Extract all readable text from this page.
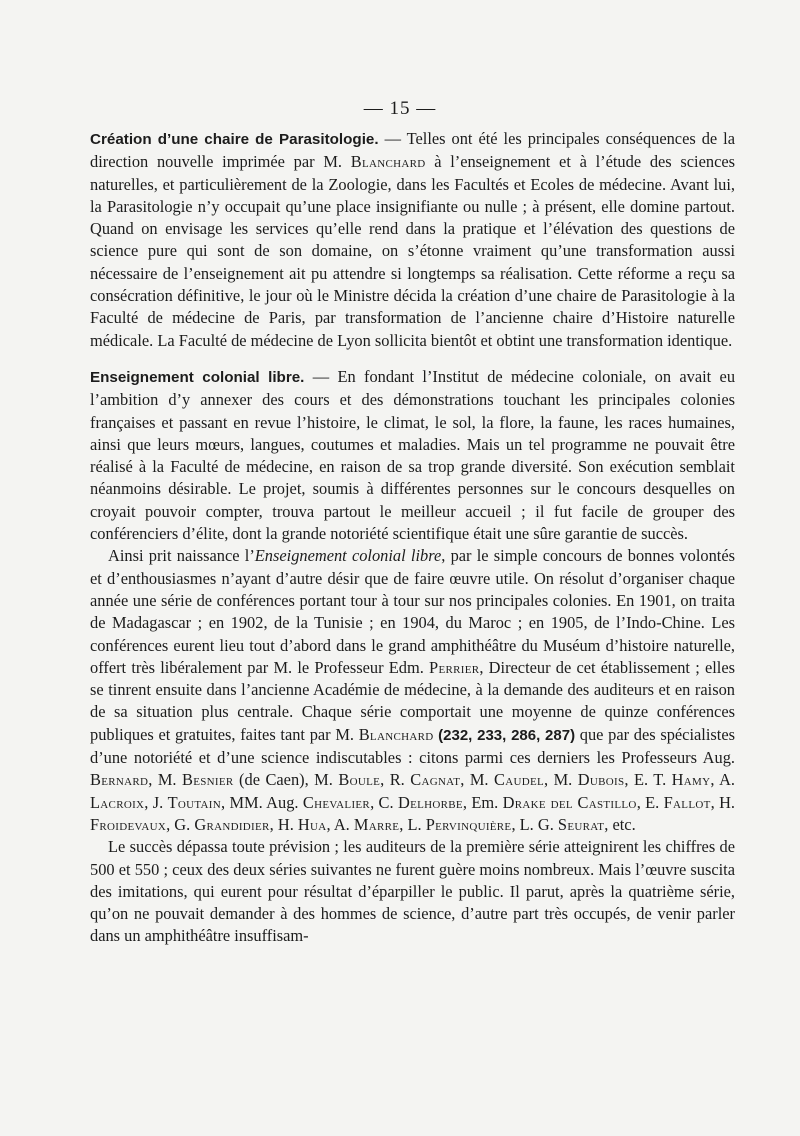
— 15 —

Création d’une chaire de Parasitologie. — Telles ont été les principales conséquences de la direction nouvelle imprimée par M. Blanchard à l’enseignement et à l’étude des sciences naturelles, et particulièrement de la Zoologie, dans les Facultés et Ecoles de médecine. Avant lui, la Parasitologie n’y occupait qu’une place insignifiante ou nulle ; à présent, elle domine partout. Quand on envisage les services qu’elle rend dans la pratique et l’élévation des questions de science pure qui sont de son domaine, on s’étonne vraiment qu’une transformation aussi nécessaire de l’enseignement ait pu attendre si longtemps sa réalisation. Cette réforme a reçu sa consécration définitive, le jour où le Ministre décida la création d’une chaire de Parasitologie à la Faculté de médecine de Paris, par transformation de l’ancienne chaire d’Histoire naturelle médicale. La Faculté de médecine de Lyon sollicita bientôt et obtint une transformation identique.

Enseignement colonial libre. — En fondant l’Institut de médecine coloniale, on avait eu l’ambition d’y annexer des cours et des démonstrations touchant les principales colonies françaises et passant en revue l’histoire, le climat, le sol, la flore, la faune, les races humaines, ainsi que leurs mœurs, langues, coutumes et maladies. Mais un tel programme ne pouvait être réalisé à la Faculté de médecine, en raison de sa trop grande diversité. Son exécution semblait néanmoins désirable. Le projet, soumis à différentes personnes sur le concours desquelles on croyait pouvoir compter, trouva partout le meilleur accueil ; il fut facile de grouper des conférenciers d’élite, dont la grande notoriété scientifique était une sûre garantie de succès.

Ainsi prit naissance l’Enseignement colonial libre, par le simple concours de bonnes volontés et d’enthousiasmes n’ayant d’autre désir que de faire œuvre utile. On résolut d’organiser chaque année une série de conférences portant tour à tour sur nos principales colonies. En 1901, on traita de Madagascar ; en 1902, de la Tunisie ; en 1904, du Maroc ; en 1905, de l’Indo-Chine. Les conférences eurent lieu tout d’abord dans le grand amphithéâtre du Muséum d’histoire naturelle, offert très libéralement par M. le Professeur Edm. Perrier, Directeur de cet établissement ; elles se tinrent ensuite dans l’ancienne Académie de médecine, à la demande des auditeurs et en raison de sa situation plus centrale. Chaque série comportait une moyenne de quinze conférences publiques et gratuites, faites tant par M. Blanchard (232, 233, 286, 287) que par des spécialistes d’une notoriété et d’une science indiscutables : citons parmi ces derniers les Professeurs Aug. Bernard, M. Besnier (de Caen), M. Boule, R. Cagnat, M. Caudel, M. Dubois, E. T. Hamy, A. Lacroix, J. Toutain, MM. Aug. Chevalier, C. Delhorbe, Em. Drake del Castillo, E. Fallot, H. Froidevaux, G. Grandidier, H. Hua, A. Marre, L. Pervinquière, L. G. Seurat, etc.

Le succès dépassa toute prévision ; les auditeurs de la première série atteignirent les chiffres de 500 et 550 ; ceux des deux séries suivantes ne furent guère moins nombreux. Mais l’œuvre suscita des imitations, qui eurent pour résultat d’éparpiller le public. Il parut, après la quatrième série, qu’on ne pouvait demander à des hommes de science, d’autre part très occupés, de venir parler dans un amphithéâtre insuffisam-
